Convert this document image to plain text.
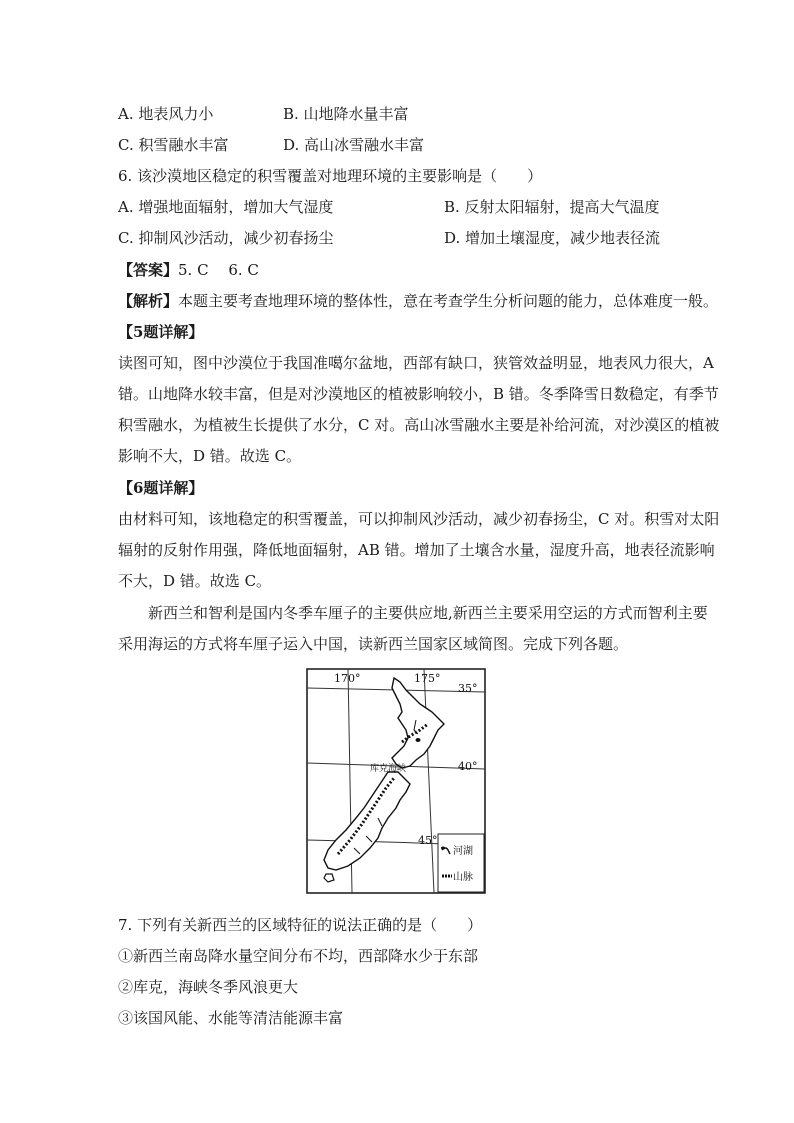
A. 地表风力小	B. 山地降水量丰富
C. 积雪融水丰富	D. 高山冰雪融水丰富
6. 该沙漠地区稳定的积雪覆盖对地理环境的主要影响是（　　）
A. 增强地面辐射，增加大气湿度	B. 反射太阳辐射，提高大气温度
C. 抑制风沙活动，减少初春扬尘	D. 增加土壤湿度，减少地表径流
【答案】5. C　 6. C
【解析】本题主要考查地理环境的整体性，意在考查学生分析问题的能力，总体难度一般。
【5题详解】
读图可知，图中沙漠位于我国准噶尔盆地，西部有缺口，狭管效益明显，地表风力很大，A
错。山地降水较丰富，但是对沙漠地区的植被影响较小，B 错。冬季降雪日数稳定，有季节
积雪融水，为植被生长提供了水分，C 对。高山冰雪融水主要是补给河流，对沙漠区的植被
影响不大，D 错。故选 C。
【6题详解】
由材料可知，该地稳定的积雪覆盖，可以抑制风沙活动，减少初春扬尘，C 对。积雪对太阳
辐射的反射作用强，降低地面辐射，AB 错。增加了土壤含水量，湿度升高，地表径流影响
不大，D 错。故选 C。
新西兰和智利是国内冬季车厘子的主要供应地,新西兰主要采用空运的方式而智利主要
采用海运的方式将车厘子运入中国，读新西兰国家区域简图。完成下列各题。
170°	175°
35°
40°
45°
库克海峡
河湖
山脉
7. 下列有关新西兰的区域特征的说法正确的是（　　）
①新西兰南岛降水量空间分布不均，西部降水少于东部
②库克，海峡冬季风浪更大
③该国风能、水能等清洁能源丰富
